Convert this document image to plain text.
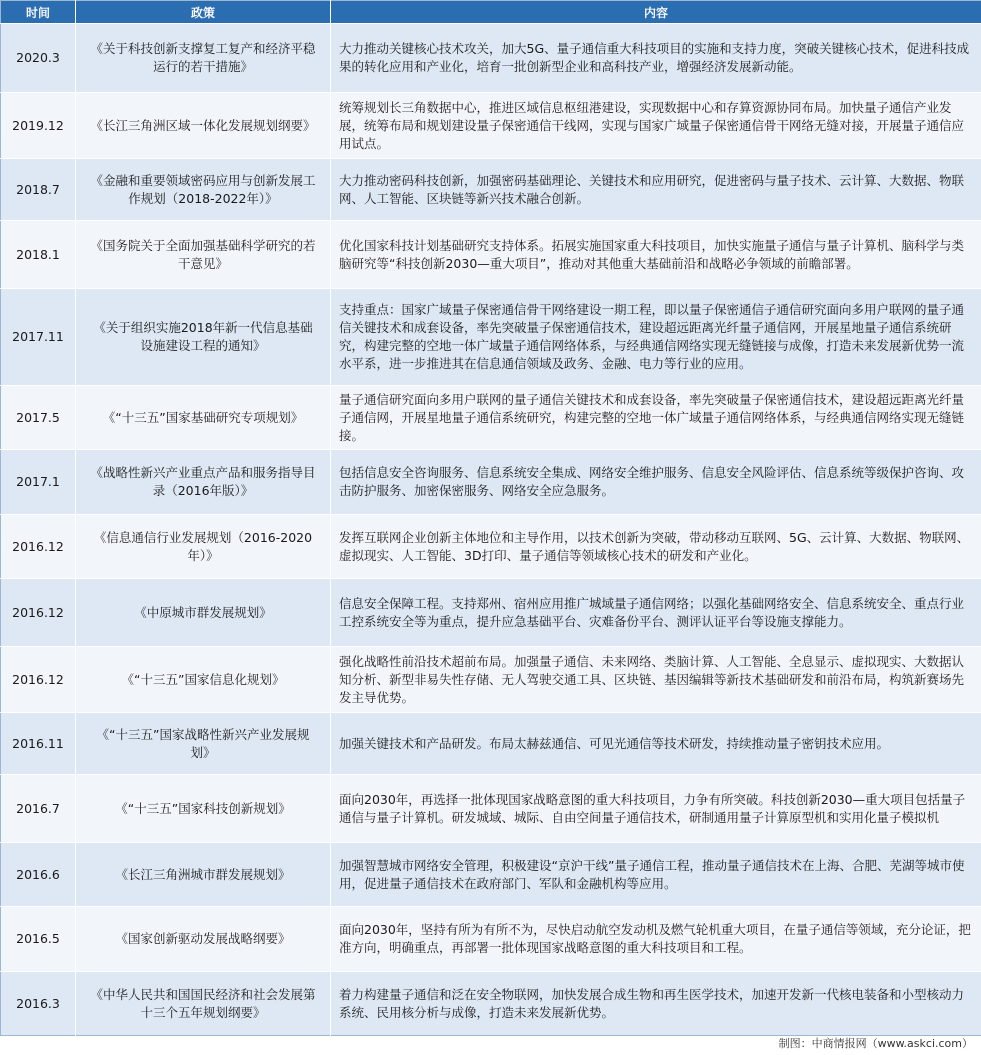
时间	政策	内容
2020.3	《关于科技创新支撑复工复产和经济平稳运行的若干措施》	大力推动关键核心技术攻关，加大5G、量子通信重大科技项目的实施和支持力度，突破关键核心技术，促进科技成果的转化应用和产业化，培育一批创新型企业和高科技产业，增强经济发展新动能。
2019.12	《长江三角洲区域一体化发展规划纲要》	统筹规划长三角数据中心，推进区域信息枢纽港建设，实现数据中心和存算资源协同布局。加快量子通信产业发展，统筹布局和规划建设量子保密通信干线网，实现与国家广域量子保密通信骨干网络无缝对接，开展量子通信应用试点。
2018.7	《金融和重要领域密码应用与创新发展工作规划（2018-2022年）》	大力推动密码科技创新，加强密码基础理论、关键技术和应用研究，促进密码与量子技术、云计算、大数据、物联网、人工智能、区块链等新兴技术融合创新。
2018.1	《国务院关于全面加强基础科学研究的若干意见》	优化国家科技计划基础研究支持体系。拓展实施国家重大科技项目，加快实施量子通信与量子计算机、脑科学与类脑研究等“科技创新2030—重大项目”，推动对其他重大基础前沿和战略必争领域的前瞻部署。
2017.11	《关于组织实施2018年新一代信息基础设施建设工程的通知》	支持重点：国家广域量子保密通信骨干网络建设一期工程，即以量子保密通信子通信研究面向多用户联网的量子通信关键技术和成套设备，率先突破量子保密通信技术，建设超远距离光纤量子通信网，开展星地量子通信系统研究，构建完整的空地一体广域量子通信网络体系，与经典通信网络实现无缝链接与成像，打造未来发展新优势一流水平系，进一步推进其在信息通信领域及政务、金融、电力等行业的应用。
2017.5	《“十三五”国家基础研究专项规划》	量子通信研究面向多用户联网的量子通信关键技术和成套设备，率先突破量子保密通信技术，建设超远距离光纤量子通信网，开展星地量子通信系统研究，构建完整的空地一体广域量子通信网络体系，与经典通信网络实现无缝链接。
2017.1	《战略性新兴产业重点产品和服务指导目录（2016年版）》	包括信息安全咨询服务、信息系统安全集成、网络安全维护服务、信息安全风险评估、信息系统等级保护咨询、攻击防护服务、加密保密服务、网络安全应急服务。
2016.12	《信息通信行业发展规划（2016-2020年）》	发挥互联网企业创新主体地位和主导作用，以技术创新为突破，带动移动互联网、5G、云计算、大数据、物联网、虚拟现实、人工智能、3D打印、量子通信等领域核心技术的研发和产业化。
2016.12	《中原城市群发展规划》	信息安全保障工程。支持郑州、宿州应用推广城域量子通信网络；以强化基础网络安全、信息系统安全、重点行业工控系统安全等为重点，提升应急基础平台、灾难备份平台、测评认证平台等设施支撑能力。
2016.12	《“十三五”国家信息化规划》	强化战略性前沿技术超前布局。加强量子通信、未来网络、类脑计算、人工智能、全息显示、虚拟现实、大数据认知分析、新型非易失性存储、无人驾驶交通工具、区块链、基因编辑等新技术基础研发和前沿布局，构筑新赛场先发主导优势。
2016.11	《“十三五”国家战略性新兴产业发展规划》	加强关键技术和产品研发。布局太赫兹通信、可见光通信等技术研发，持续推动量子密钥技术应用。
2016.7	《“十三五”国家科技创新规划》	面向2030年，再选择一批体现国家战略意图的重大科技项目，力争有所突破。科技创新2030—重大项目包括量子通信与量子计算机。研发城域、城际、自由空间量子通信技术，研制通用量子计算原型机和实用化量子模拟机
2016.6	《长江三角洲城市群发展规划》	加强智慧城市网络安全管理，积极建设“京沪干线”量子通信工程，推动量子通信技术在上海、合肥、芜湖等城市使用，促进量子通信技术在政府部门、军队和金融机构等应用。
2016.5	《国家创新驱动发展战略纲要》	面向2030年，坚持有所为有所不为，尽快启动航空发动机及燃气轮机重大项目，在量子通信等领域，充分论证，把准方向，明确重点，再部署一批体现国家战略意图的重大科技项目和工程。
2016.3	《中华人民共和国国民经济和社会发展第十三个五年规划纲要》	着力构建量子通信和泛在安全物联网，加快发展合成生物和再生医学技术，加速开发新一代核电装备和小型核动力系统、民用核分析与成像，打造未来发展新优势。
制图：中商情报网（www.askci.com）
